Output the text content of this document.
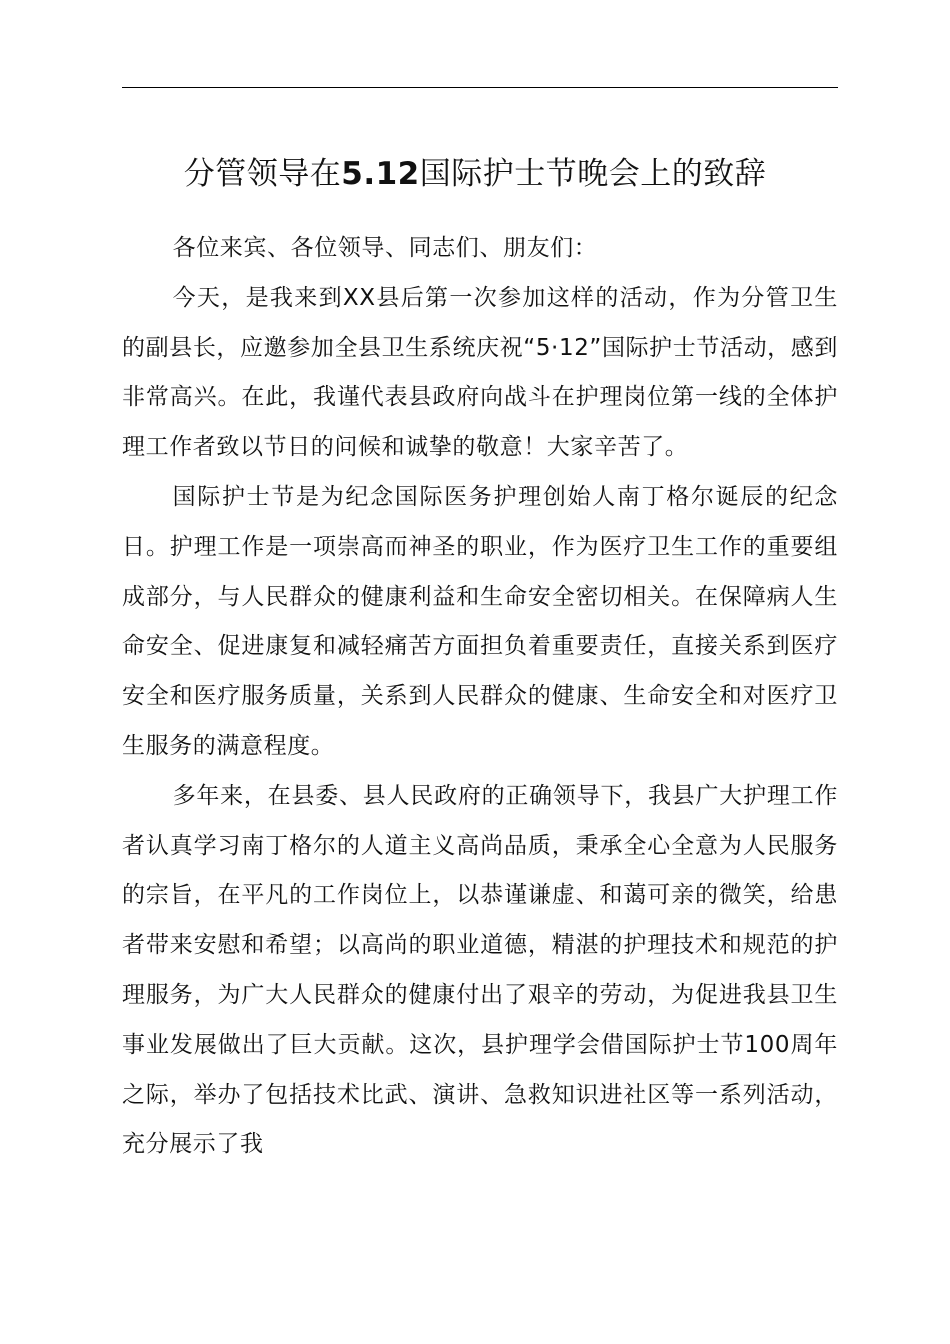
分管领导在5.12国际护士节晚会上的致辞

各位来宾、各位领导、同志们、朋友们：

今天，是我来到XX县后第一次参加这样的活动，作为分管卫生的副县长，应邀参加全县卫生系统庆祝“5·12”国际护士节活动，感到非常高兴。在此，我谨代表县政府向战斗在护理岗位第一线的全体护理工作者致以节日的问候和诚挚的敬意！大家辛苦了。

国际护士节是为纪念国际医务护理创始人南丁格尔诞辰的纪念日。护理工作是一项崇高而神圣的职业，作为医疗卫生工作的重要组成部分，与人民群众的健康利益和生命安全密切相关。在保障病人生命安全、促进康复和减轻痛苦方面担负着重要责任，直接关系到医疗安全和医疗服务质量，关系到人民群众的健康、生命安全和对医疗卫生服务的满意程度。

多年来，在县委、县人民政府的正确领导下，我县广大护理工作者认真学习南丁格尔的人道主义高尚品质，秉承全心全意为人民服务的宗旨，在平凡的工作岗位上，以恭谨谦虚、和蔼可亲的微笑，给患者带来安慰和希望；以高尚的职业道德，精湛的护理技术和规范的护理服务，为广大人民群众的健康付出了艰辛的劳动，为促进我县卫生事业发展做出了巨大贡献。这次，县护理学会借国际护士节100周年之际，举办了包括技术比武、演讲、急救知识进社区等一系列活动，充分展示了我
